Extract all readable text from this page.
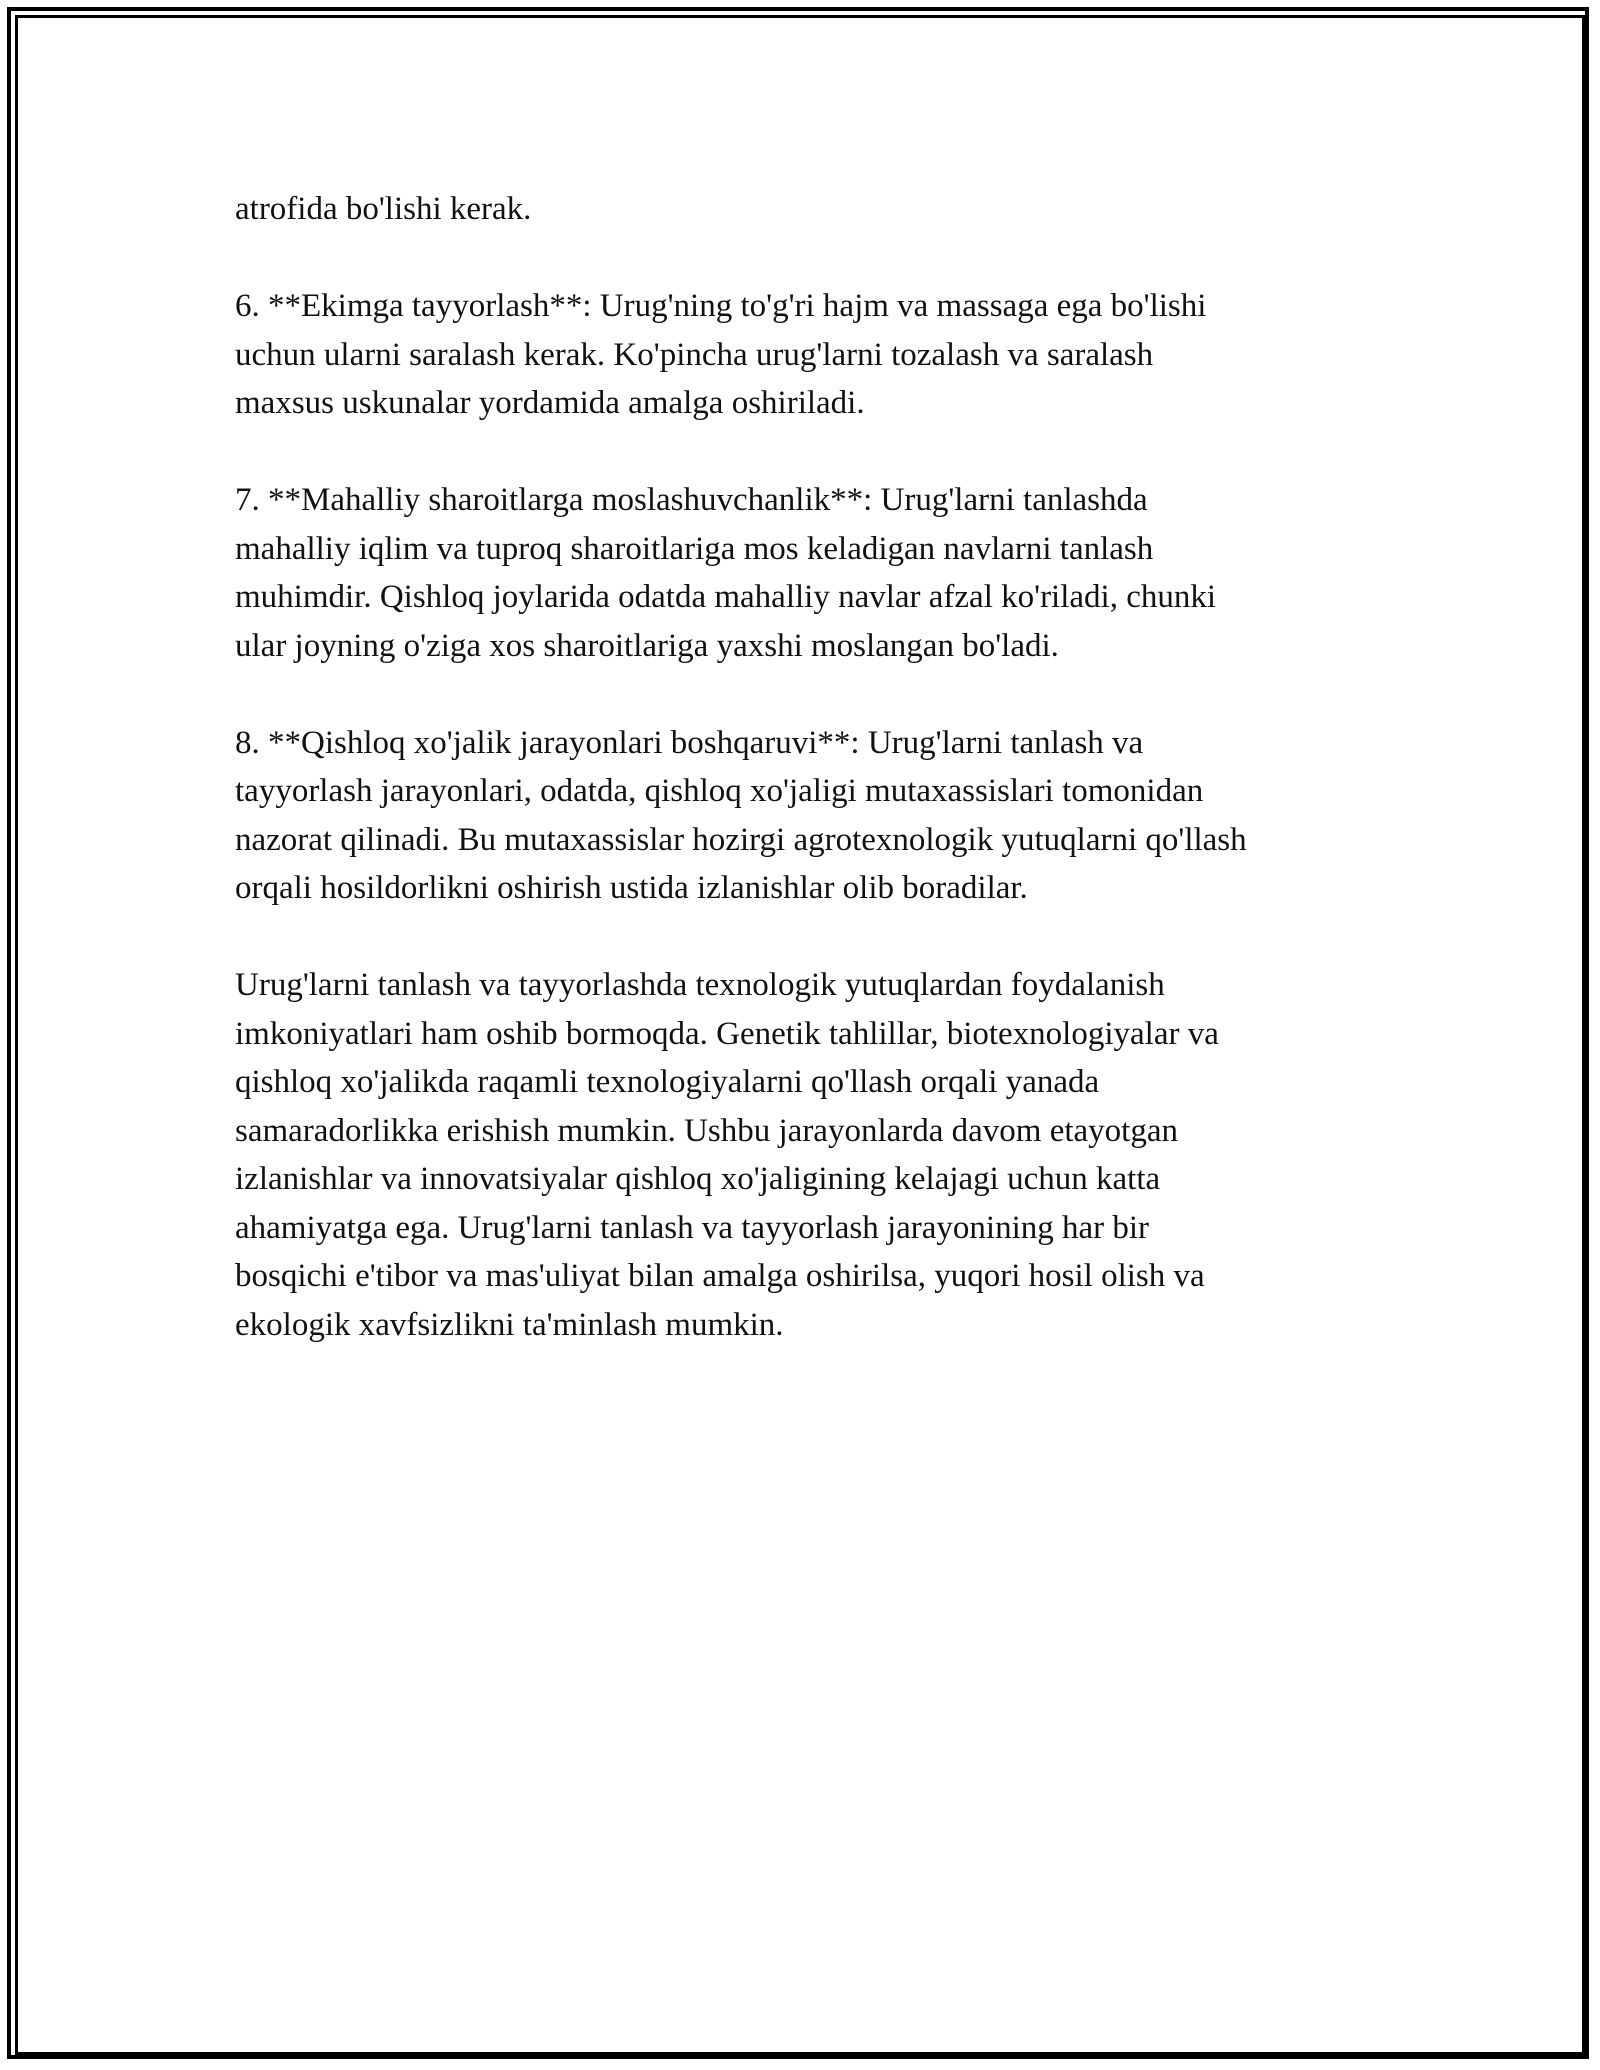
atrofida bo'lishi kerak.

6. **Ekimga tayyorlash**: Urug'ning to'g'ri hajm va massaga ega bo'lishi
uchun ularni saralash kerak. Ko'pincha urug'larni tozalash va saralash
maxsus uskunalar yordamida amalga oshiriladi.

7. **Mahalliy sharoitlarga moslashuvchanlik**: Urug'larni tanlashda
mahalliy iqlim va tuproq sharoitlariga mos keladigan navlarni tanlash
muhimdir. Qishloq joylarida odatda mahalliy navlar afzal ko'riladi, chunki
ular joyning o'ziga xos sharoitlariga yaxshi moslangan bo'ladi.

8. **Qishloq xo'jalik jarayonlari boshqaruvi**: Urug'larni tanlash va
tayyorlash jarayonlari, odatda, qishloq xo'jaligi mutaxassislari tomonidan
nazorat qilinadi. Bu mutaxassislar hozirgi agrotexnologik yutuqlarni qo'llash
orqali hosildorlikni oshirish ustida izlanishlar olib boradilar.

Urug'larni tanlash va tayyorlashda texnologik yutuqlardan foydalanish
imkoniyatlari ham oshib bormoqda. Genetik tahlillar, biotexnologiyalar va
qishloq xo'jalikda raqamli texnologiyalarni qo'llash orqali yanada
samaradorlikka erishish mumkin. Ushbu jarayonlarda davom etayotgan
izlanishlar va innovatsiyalar qishloq xo'jaligining kelajagi uchun katta
ahamiyatga ega. Urug'larni tanlash va tayyorlash jarayonining har bir
bosqichi e'tibor va mas'uliyat bilan amalga oshirilsa, yuqori hosil olish va
ekologik xavfsizlikni ta'minlash mumkin.
